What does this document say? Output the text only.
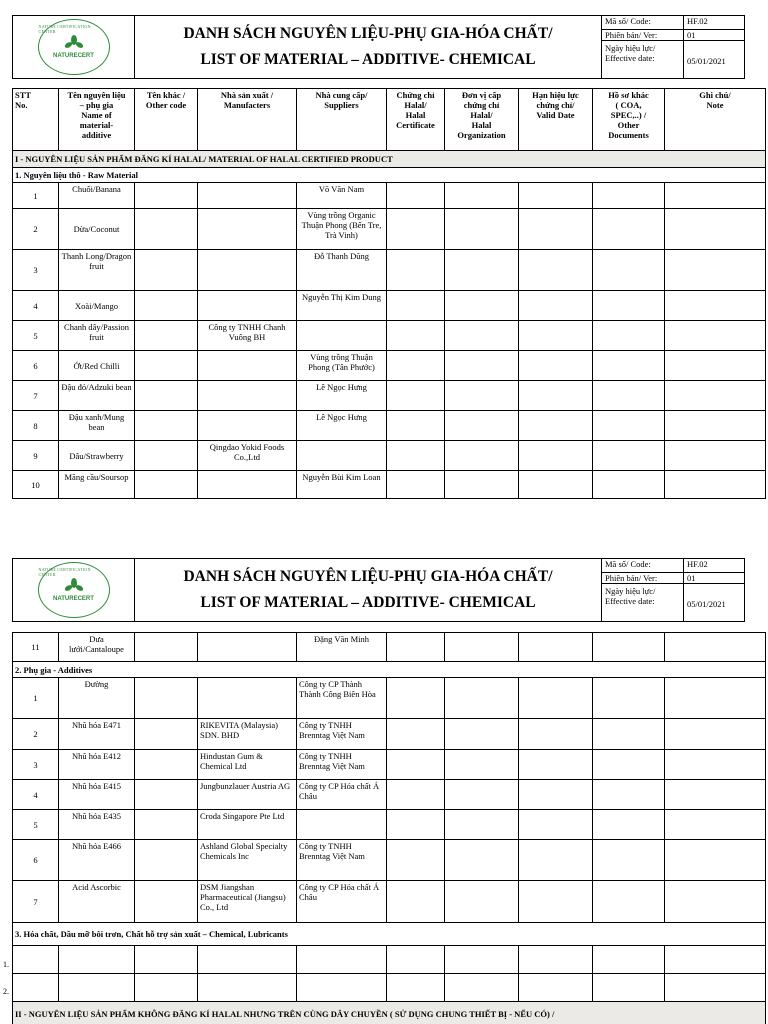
NATURE CERTIFICATION CENTER
NATURECERT
DANH SÁCH NGUYÊN LIỆU-PHỤ GIA-HÓA CHẤT/
LIST OF MATERIAL – ADDITIVE- CHEMICAL
Mã số/ Code:	HF.02
Phiên bản/ Ver:	01
Ngày hiệu lực/
Effective date:	05/01/2021
STT
No.	Tên nguyên liệu
– phụ gia
Name of
material-
additive	Tên khác /
Other code	Nhà sản xuất /
Manufacters	Nhà cung cấp/
Suppliers	Chứng chỉ
Halal/
Halal
Certificate	Đơn vị cấp
chứng chỉ
Halal/
Halal
Organization	Hạn hiệu lực
chứng chỉ/
Valid Date	Hồ sơ khác
( COA,
SPEC,..) /
Other
Documents	Ghi chú/
Note
I - NGUYÊN LIỆU SẢN PHẨM ĐĂNG KÍ HALAL/ MATERIAL OF HALAL CERTIFIED PRODUCT									
1. Nguyên liệu thô - Raw Material									
1	Chuối/Banana			Võ Văn Nam					
2	Dừa/Coconut			Vùng trồng Organic Thuận Phong (Bến Tre, Trà Vinh)					
3	Thanh Long/Dragon fruit			Đỗ Thanh Dũng					
4	Xoài/Mango			Nguyễn Thị Kim Dung					
5	Chanh dây/Passion fruit		Công ty TNHH Chanh Vuông BH						
6	Ớt/Red Chilli			Vùng trồng Thuận Phong (Tân Phước)					
7	Đậu đỏ/Adzuki bean			Lê Ngọc Hưng					
8	Đậu xanh/Mung bean			Lê Ngọc Hưng					
9	Dâu/Strawberry		Qingdao Yokid Foods Co.,Ltd						
10	Mãng cầu/Soursop			Nguyễn Bùi Kim Loan					
NATURE CERTIFICATION CENTER
NATURECERT
DANH SÁCH NGUYÊN LIỆU-PHỤ GIA-HÓA CHẤT/
LIST OF MATERIAL – ADDITIVE- CHEMICAL
Mã số/ Code:	HF.02
Phiên bản/ Ver:	01
Ngày hiệu lực/
Effective date:	05/01/2021
11	Dưa lưới/Cantaloupe			Đặng Văn Minh					
2. Phụ gia - Additives									
1	Đường			Công ty CP Thành Thành Công Biên Hòa					
2	Nhũ hóa E471		RIKEVITA (Malaysia) SDN. BHD	Công ty TNHH Brenntag Việt Nam					
3	Nhũ hóa E412		Hindustan Gum & Chemical Ltd	Công ty TNHH Brenntag Việt Nam					
4	Nhũ hóa E415		Jungbunzlauer Austria AG	Công ty CP Hóa chất Á Châu					
5	Nhũ hóa E435		Croda Singapore Pte Ltd						
6	Nhũ hóa E466		Ashland Global Specialty Chemicals Inc	Công ty TNHH Brenntag Việt Nam					
7	Acid Ascorbic		DSM Jiangshan Pharmaceutical (Jiangsu) Co., Ltd	Công ty CP Hóa chất Á Châu					
3. Hóa chất, Dầu mỡ bôi trơn, Chất hỗ trợ sản xuất – Chemical, Lubricants									

II - NGUYÊN LIỆU SẢN PHẨM KHÔNG ĐĂNG KÍ HALAL NHƯNG TRÊN CÙNG DÂY CHUYỀN ( SỬ DỤNG CHUNG THIẾT BỊ - NẾU CÓ) /									
1.
2.
